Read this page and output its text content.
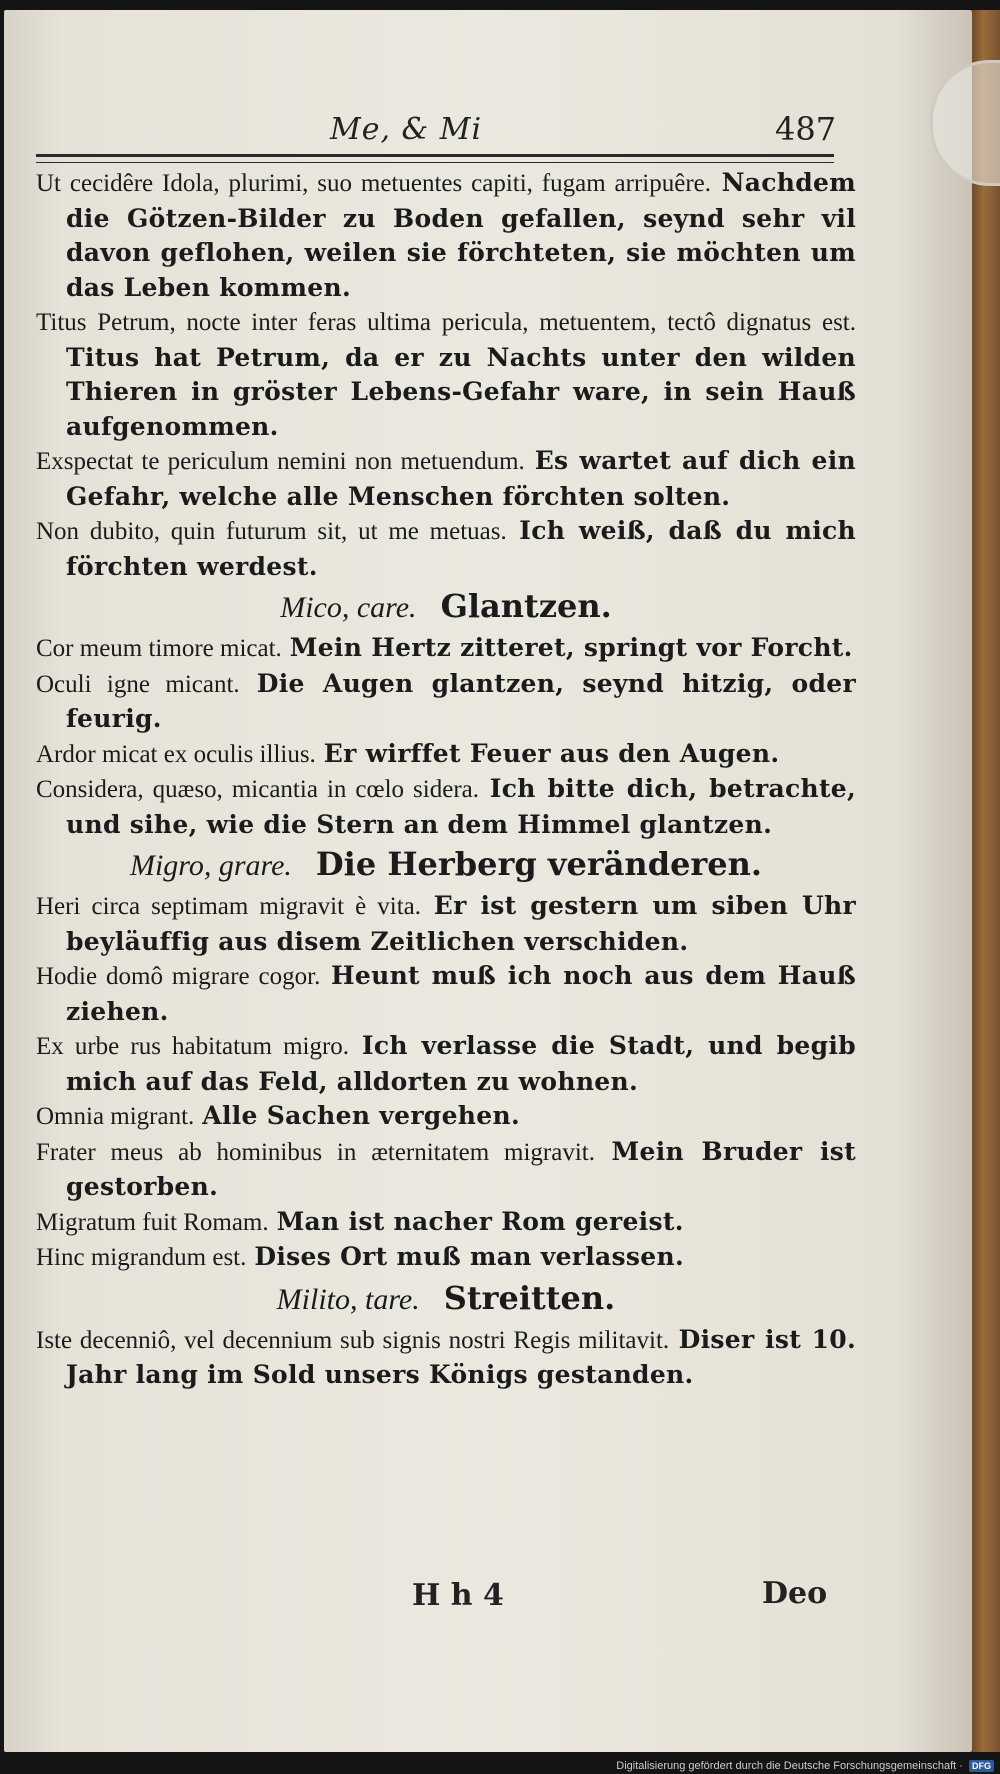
Me, & Mi	487

Ut cecidêre Idola, plurimi, suo metuentes capiti, fugam arripuêre. Nachdem die Götzen-Bilder zu Boden gefallen, seynd sehr vil davon geflohen, weilen sie förchteten, sie möchten um das Leben kommen.

Titus Petrum, nocte inter feras ultima pericula, metuentem, tectô dignatus est. Titus hat Petrum, da er zu Nachts unter den wilden Thieren in gröster Lebens-Gefahr ware, in sein Hauß aufgenommen.

Exspectat te periculum nemini non metuendum. Es wartet auf dich ein Gefahr, welche alle Menschen förchten solten.

Non dubito, quin futurum sit, ut me metuas. Ich weiß, daß du mich förchten werdest.

Mico, care. Glantzen.

Cor meum timore micat. Mein Hertz zitteret, springt vor Forcht.

Oculi igne micant. Die Augen glantzen, seynd hitzig, oder feurig.

Ardor micat ex oculis illius. Er wirffet Feuer aus den Augen.

Considera, quæso, micantia in cœlo sidera. Ich bitte dich, betrachte, und sihe, wie die Stern an dem Himmel glantzen.

Migro, grare. Die Herberg veränderen.

Heri circa septimam migravit è vita. Er ist gestern um siben Uhr beyläuffig aus disem Zeitlichen verschiden.

Hodie domô migrare cogor. Heunt muß ich noch aus dem Hauß ziehen.

Ex urbe rus habitatum migro. Ich verlasse die Stadt, und begib mich auf das Feld, alldorten zu wohnen.

Omnia migrant. Alle Sachen vergehen.

Frater meus ab hominibus in æternitatem migravit. Mein Bruder ist gestorben.

Migratum fuit Romam. Man ist nacher Rom gereist.

Hinc migrandum est. Dises Ort muß man verlassen.

Milito, tare. Streitten.

Iste decenniô, vel decennium sub signis nostri Regis militavit. Diser ist 10. Jahr lang im Sold unsers Königs gestanden.

H h 4	Deo
Digitalisierung gefördert durch die Deutsche Forschungsgemeinschaft · DFG
